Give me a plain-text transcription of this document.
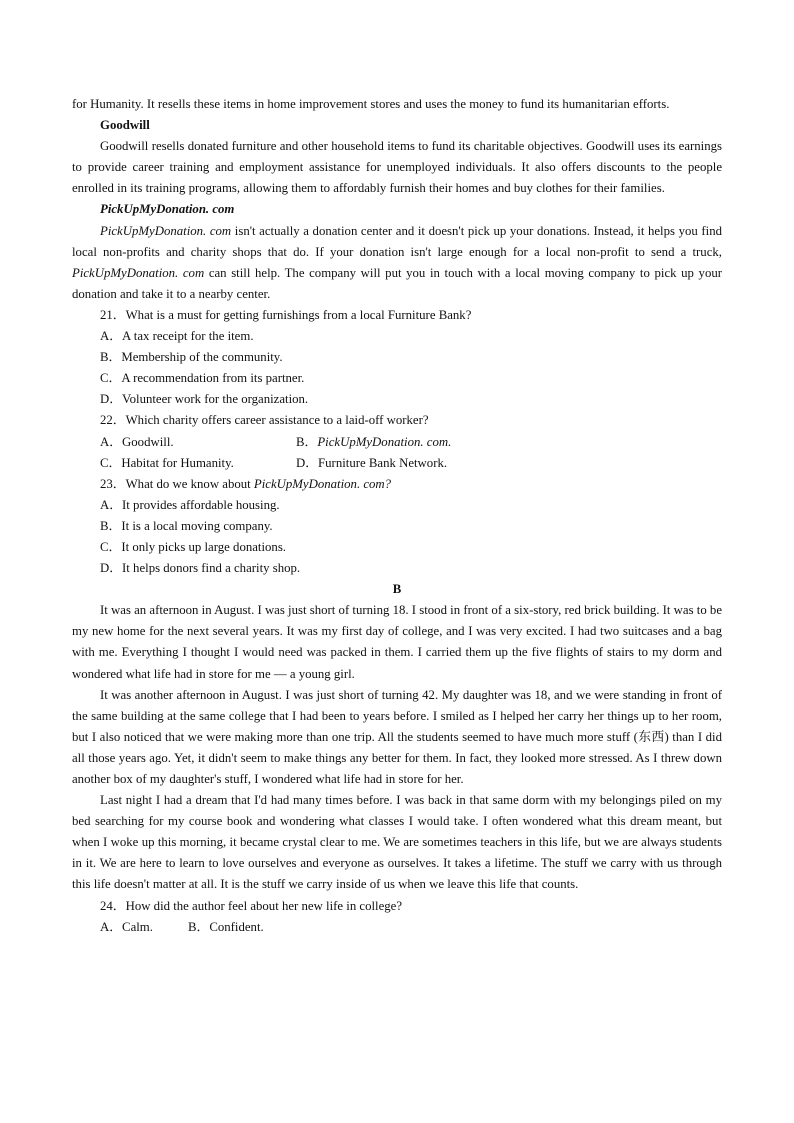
for Humanity. It resells these items in home improvement stores and uses the money to fund its humanitarian efforts.

Goodwill

Goodwill resells donated furniture and other household items to fund its charitable objectives. Goodwill uses its earnings to provide career training and employment assistance for unemployed individuals. It also offers discounts to the people enrolled in its training programs, allowing them to affordably furnish their homes and buy clothes for their families.

PickUpMyDonation. com

PickUpMyDonation. com isn't actually a donation center and it doesn't pick up your donations. Instead, it helps you find local non-profits and charity shops that do. If your donation isn't large enough for a local non-profit to send a truck, PickUpMyDonation. com can still help. The company will put you in touch with a local moving company to pick up your donation and take it to a nearby center.

21．What is a must for getting furnishings from a local Furniture Bank?

A．A tax receipt for the item.

B．Membership of the community.

C．A recommendation from its partner.

D．Volunteer work for the organization.

22．Which charity offers career assistance to a laid-off worker?

A．Goodwill.	B．PickUpMyDonation. com.

C．Habitat for Humanity.	D．Furniture Bank Network.

23．What do we know about PickUpMyDonation. com?

A．It provides affordable housing.

B．It is a local moving company.

C．It only picks up large donations.

D．It helps donors find a charity shop.

B

It was an afternoon in August. I was just short of turning 18. I stood in front of a six-story, red brick building. It was to be my new home for the next several years. It was my first day of college, and I was very excited. I had two suitcases and a bag with me. Everything I thought I would need was packed in them. I carried them up the five flights of stairs to my dorm and wondered what life had in store for me — a young girl.

It was another afternoon in August. I was just short of turning 42. My daughter was 18, and we were standing in front of the same building at the same college that I had been to years before. I smiled as I helped her carry her things up to her room, but I also noticed that we were making more than one trip. All the students seemed to have much more stuff (东西) than I did all those years ago. Yet, it didn't seem to make things any better for them. In fact, they looked more stressed. As I threw down another box of my daughter's stuff, I wondered what life had in store for her.

Last night I had a dream that I'd had many times before. I was back in that same dorm with my belongings piled on my bed searching for my course book and wondering what classes I would take. I often wondered what this dream meant, but when I woke up this morning, it became crystal clear to me. We are sometimes teachers in this life, but we are always students in it. We are here to learn to love ourselves and everyone as ourselves. It takes a lifetime. The stuff we carry with us through this life doesn't matter at all. It is the stuff we carry inside of us when we leave this life that counts.

24．How did the author feel about her new life in college?

A．Calm.	B．Confident.
